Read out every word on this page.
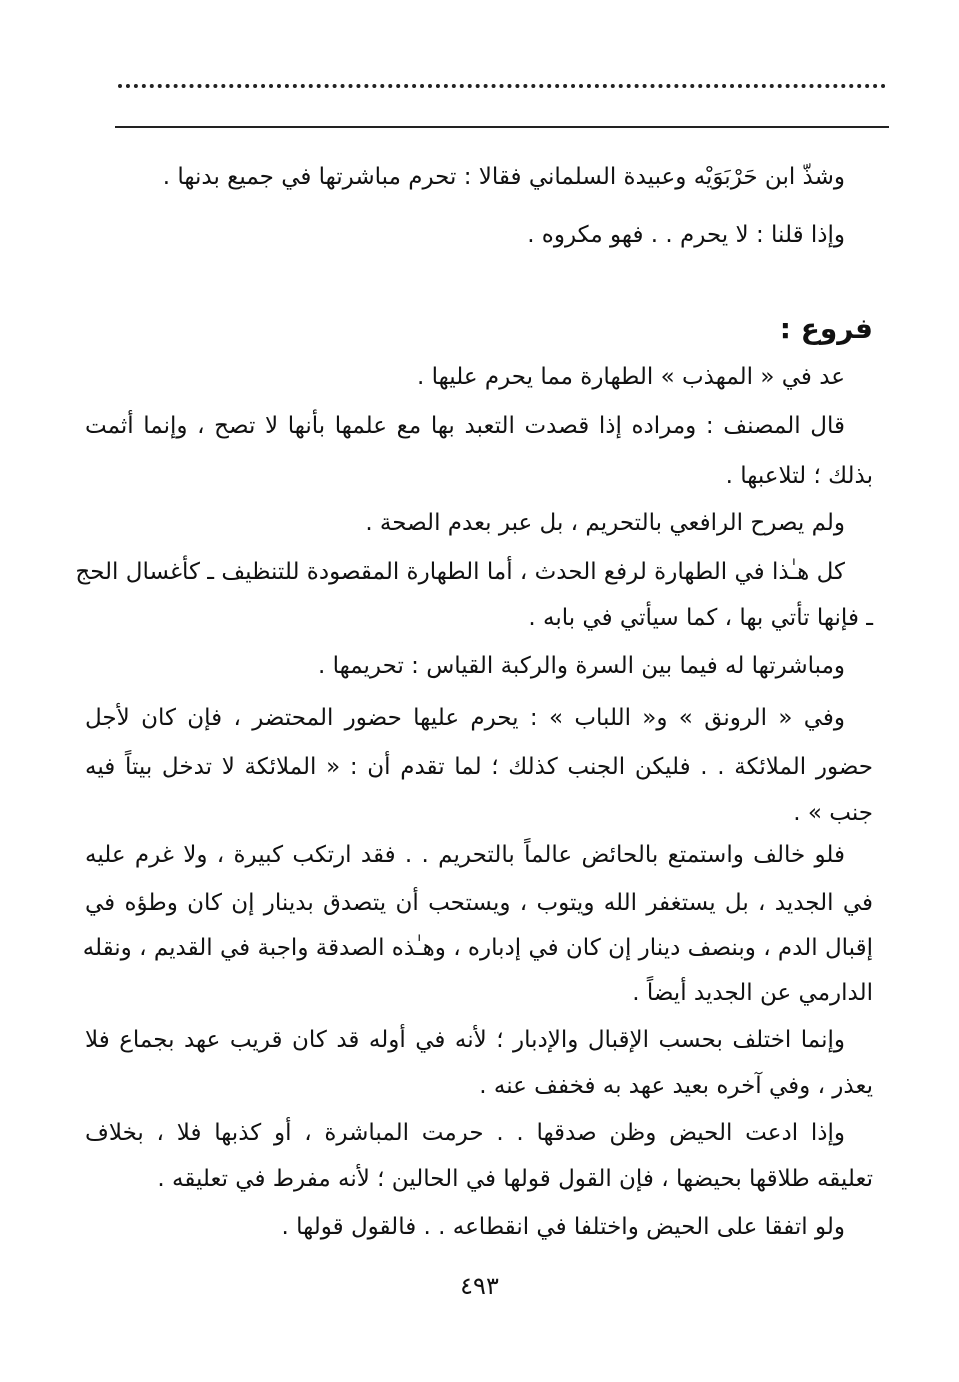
وشذّ ابن حَرْبَوَيْه وعبيدة السلماني فقالا : تحرم مباشرتها في جميع بدنها .
وإذا قلنا : لا يحرم . . فهو مكروه .
فروع :
عد في « المهذب » الطهارة مما يحرم عليها .
قال المصنف : ومراده إذا قصدت التعبد بها مع علمها بأنها لا تصح ، وإنما أثمت
بذلك ؛ لتلاعبها .
ولم يصرح الرافعي بالتحريم ، بل عبر بعدم الصحة .
كل هـٰذا في الطهارة لرفع الحدث ، أما الطهارة المقصودة للتنظيف ـ كأغسال الحج
ـ فإنها تأتي بها ، كما سيأتي في بابه .
ومباشرتها له فيما بين السرة والركبة القياس : تحريمها .
وفي « الرونق » و« اللباب » : يحرم عليها حضور المحتضر ، فإن كان لأجل
حضور الملائكة . . فليكن الجنب كذلك ؛ لما تقدم أن : « الملائكة لا تدخل بيتاً فيه
جنب » .
فلو خالف واستمتع بالحائض عالماً بالتحريم . . فقد ارتكب كبيرة ، ولا غرم عليه
في الجديد ، بل يستغفر الله ويتوب ، ويستحب أن يتصدق بدينار إن كان وطؤه في
إقبال الدم ، وبنصف دينار إن كان في إدباره ، وهـٰذه الصدقة واجبة في القديم ، ونقله
الدارمي عن الجديد أيضاً .
وإنما اختلف بحسب الإقبال والإدبار ؛ لأنه في أوله قد كان قريب عهد بجماع فلا
يعذر ، وفي آخره بعيد عهد به فخفف عنه .
وإذا ادعت الحيض وظن صدقها . . حرمت المباشرة ، أو كذبها فلا ، بخلاف
تعليقه طلاقها بحيضها ، فإن القول قولها في الحالين ؛ لأنه مفرط في تعليقه .
ولو اتفقا على الحيض واختلفا في انقطاعه . . فالقول قولها .
٤٩٣
